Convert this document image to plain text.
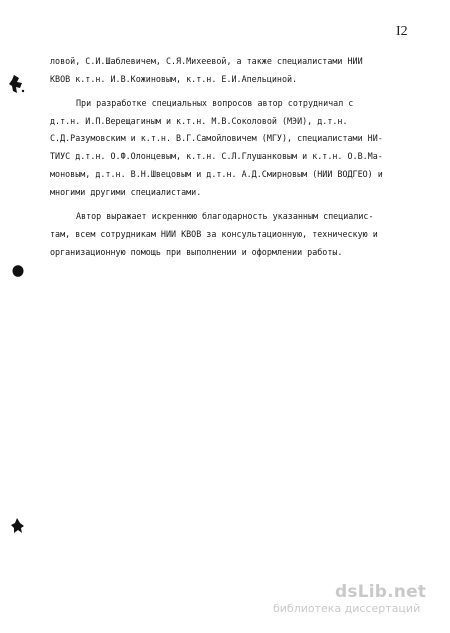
I2
ловой, С.И.Шаблевичем, С.Я.Михеевой, а также специалистами НИИ
КВОВ к.т.н. И.В.Кожиновым, к.т.н. Е.И.Апельциной.
При разработке специальных вопросов автор сотрудничал с
д.т.н. И.П.Верещагиным и к.т.н. М.В.Соколовой (МЭИ), д.т.н.
С.Д.Разумовским и к.т.н. В.Г.Самойловичем (МГУ), специалистами НИ-
ТИУС д.т.н. О.Ф.Олонцевым, к.т.н. С.Л.Глушанковым и к.т.н. О.В.Ма-
моновым, д.т.н. В.Н.Швецовым и д.т.н. А.Д.Смирновым (НИИ ВОДГЕО) и
многими другими специалистами.
Автор выражает искреннюю благодарность указанным специалис-
там, всем сотрудникам НИИ КВОВ за консультационную, техническую и
организационную помощь при выполнении и оформлении работы.
dsLib.net
библиотека диссертаций
